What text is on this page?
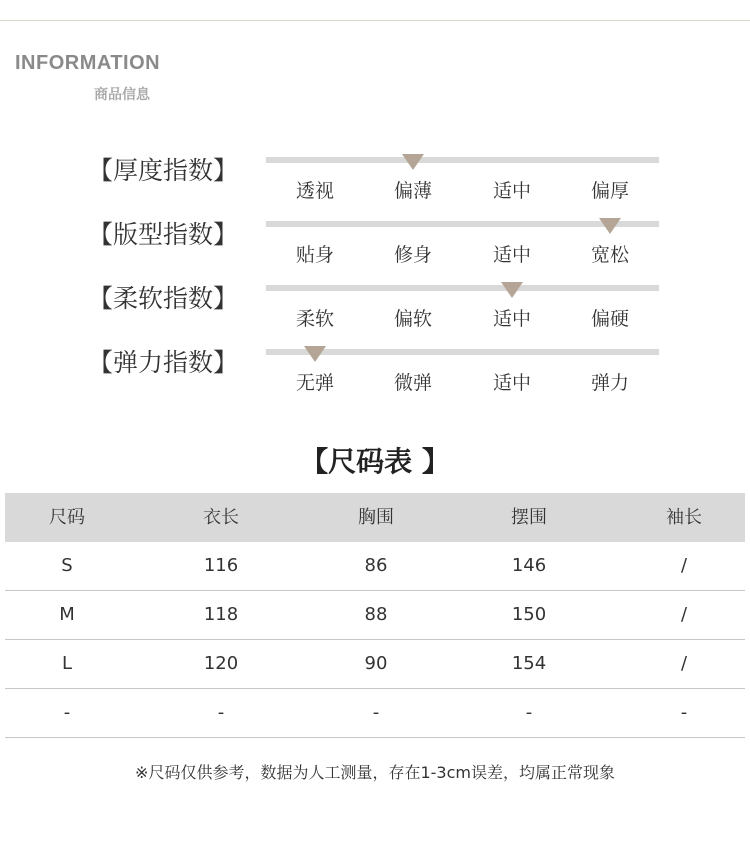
INFORMATION
商品信息
【厚度指数】
透视	偏薄	适中	偏厚
【版型指数】
贴身	修身	适中	宽松
【柔软指数】
柔软	偏软	适中	偏硬
【弹力指数】
无弹	微弹	适中	弹力
【尺码表 】
尺码	衣长	胸围	摆围	袖长
S	116	86	146	/
M	118	88	150	/
L	120	90	154	/
-	-	-	-	-
※尺码仅供参考，数据为人工测量，存在1-3cm误差，均属正常现象
